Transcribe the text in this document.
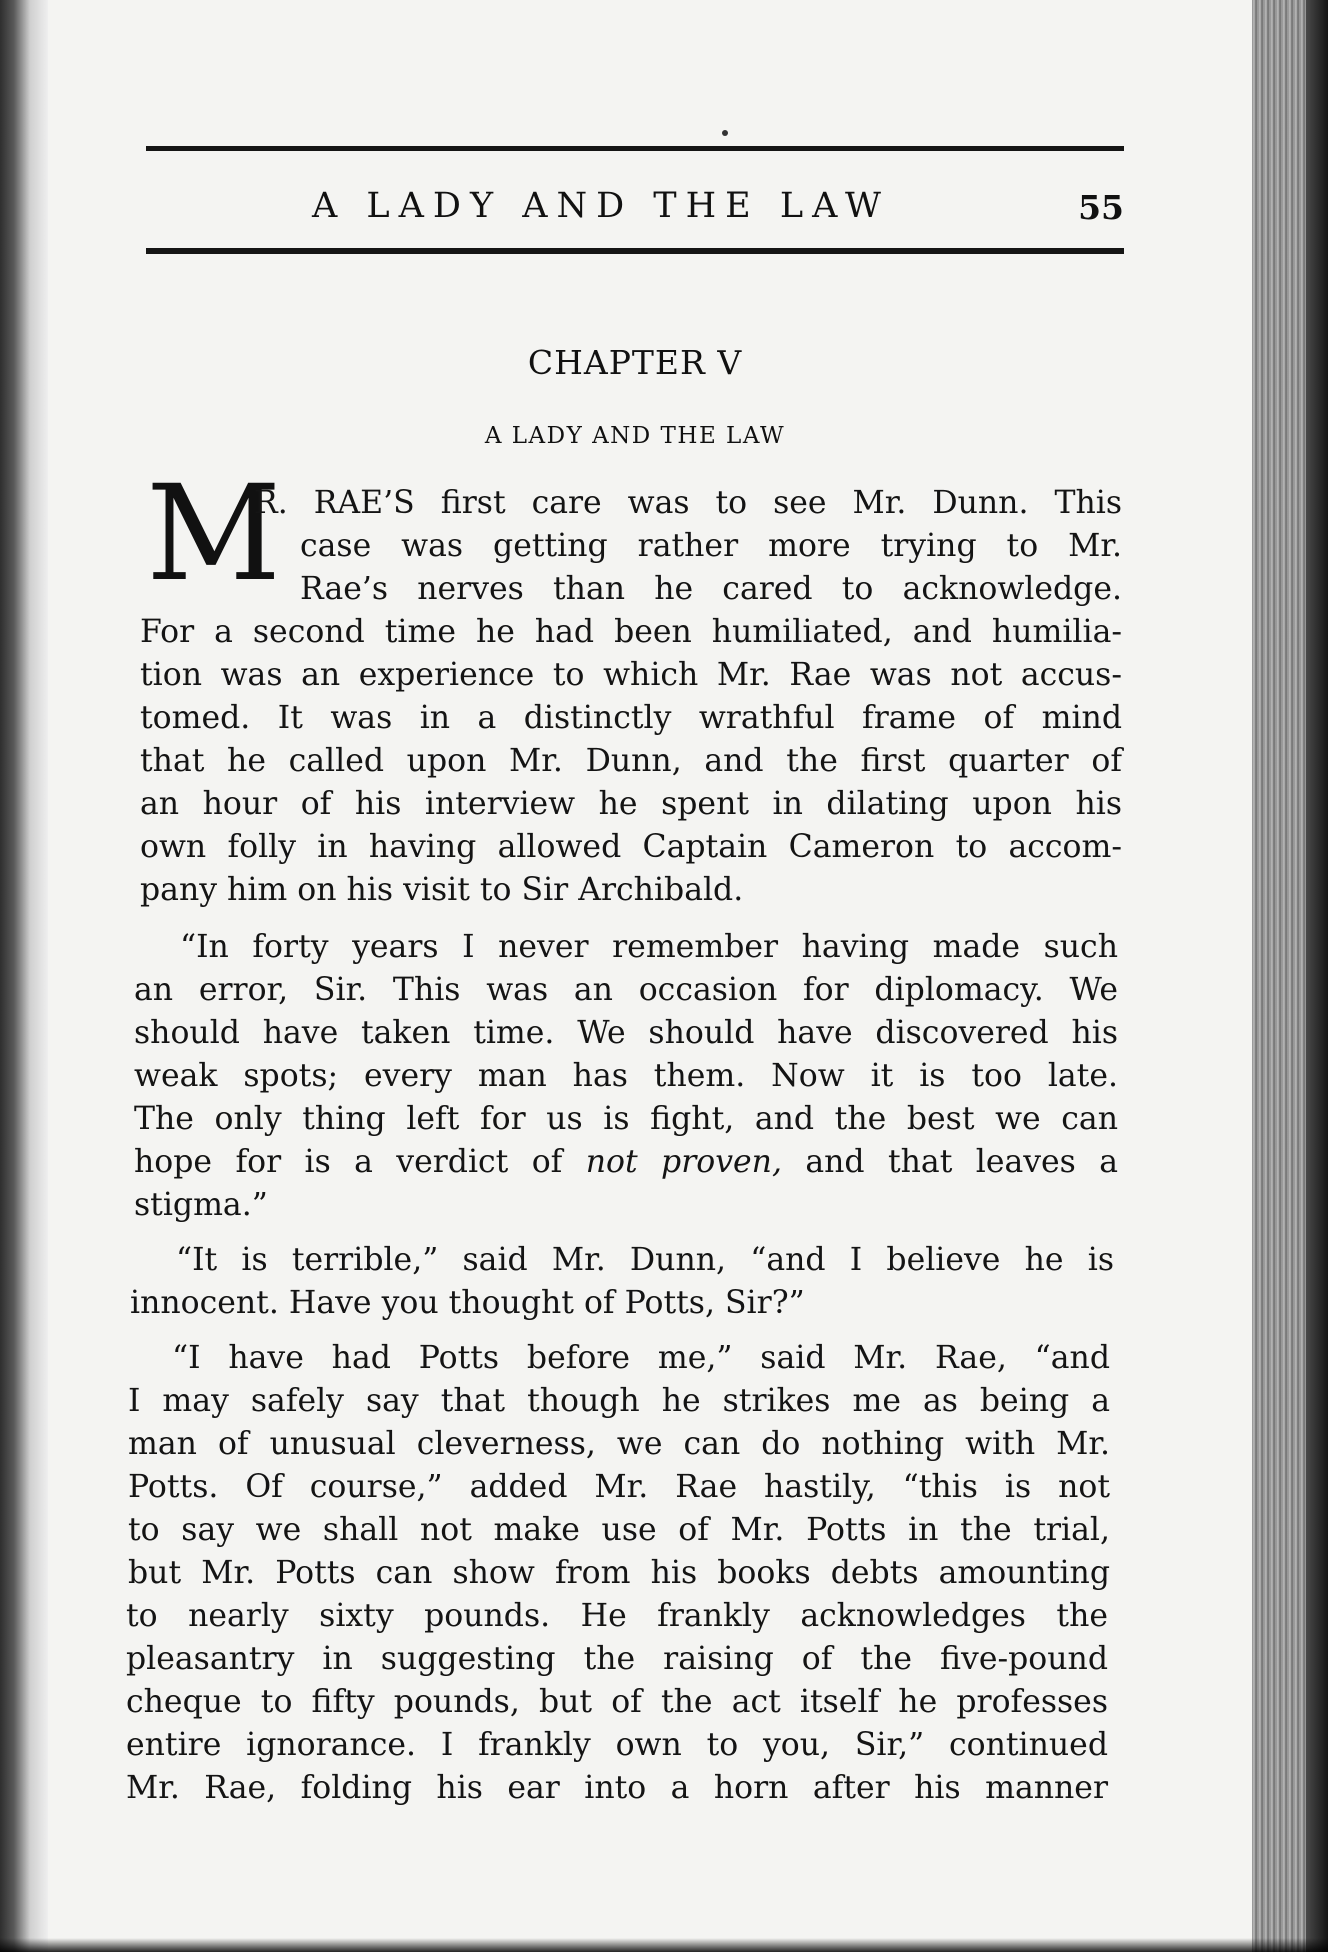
A LADY AND THE LAW	55
CHAPTER V
A LADY AND THE LAW
M
R. RAE’S first care was to see Mr. Dunn. This
case was getting rather more trying to Mr.
Rae’s nerves than he cared to acknowledge.
For a second time he had been humiliated, and humilia-
tion was an experience to which Mr. Rae was not accus-
tomed. It was in a distinctly wrathful frame of mind
that he called upon Mr. Dunn, and the first quarter of
an hour of his interview he spent in dilating upon his
own folly in having allowed Captain Cameron to accom-
pany him on his visit to Sir Archibald.
“In forty years I never remember having made such
an error, Sir. This was an occasion for diplomacy. We
should have taken time. We should have discovered his
weak spots; every man has them. Now it is too late.
The only thing left for us is fight, and the best we can
hope for is a verdict of not proven, and that leaves a
stigma.”
“It is terrible,” said Mr. Dunn, “and I believe he is
innocent. Have you thought of Potts, Sir?”
“I have had Potts before me,” said Mr. Rae, “and
I may safely say that though he strikes me as being a
man of unusual cleverness, we can do nothing with Mr.
Potts. Of course,” added Mr. Rae hastily, “this is not
to say we shall not make use of Mr. Potts in the trial,
but Mr. Potts can show from his books debts amounting
to nearly sixty pounds. He frankly acknowledges the
pleasantry in suggesting the raising of the five-pound
cheque to fifty pounds, but of the act itself he professes
entire ignorance. I frankly own to you, Sir,” continued
Mr. Rae, folding his ear into a horn after his manner
